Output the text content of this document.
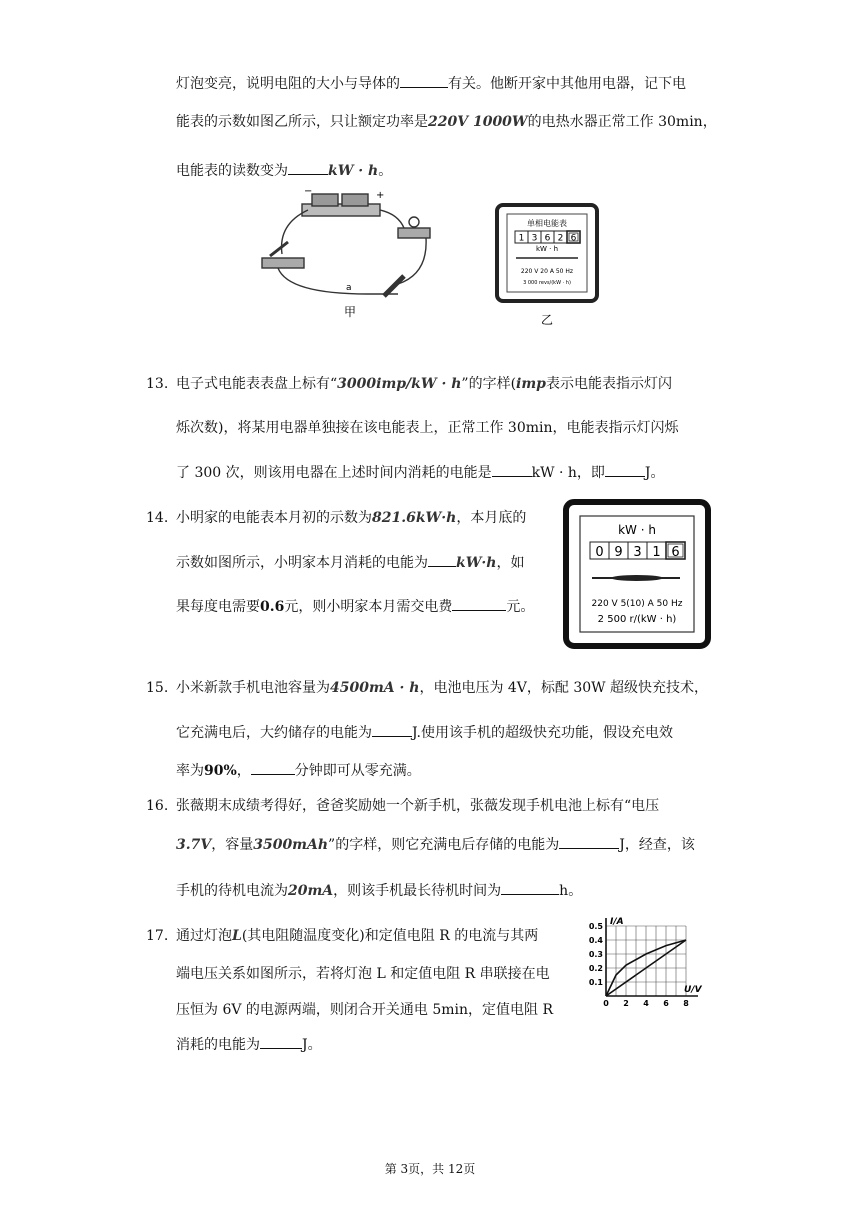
灯泡变亮，说明电阻的大小与导体的	有关。他断开家中其他用电器，记下电
能表的示数如图乙所示，只让额定功率是220V 1000W的电热水器正常工作 30min，
电能表的读数变为	kW · h。
−	+
a
甲
单相电能表
1 3 6 2 6
kW · h
220 V 20 A 50 Hz
3 000 revs/(kW · h)
乙
13. 电子式电能表表盘上标有“3000imp/kW · h”的字样(imp表示电能表指示灯闪
烁次数)，将某用电器单独接在该电能表上，正常工作 30min，电能表指示灯闪烁
了 300 次，则该用电器在上述时间内消耗的电能是	kW · h，即	J。
14. 小明家的电能表本月初的示数为821.6kW·h，本月底的
示数如图所示，小明家本月消耗的电能为 kW·h，如
果每度电需要0.6元，则小明家本月需交电费	元。
kW · h
0 9 3 1 6
220 V 5(10) A 50 Hz
2 500 r/(kW · h)
15. 小米新款手机电池容量为4500mA · h，电池电压为 4V，标配 30W 超级快充技术，
它充满电后，大约储存的电能为	J.使用该手机的超级快充功能，假设充电效
率为90%，	分钟即可从零充满。
16. 张薇期末成绩考得好，爸爸奖励她一个新手机，张薇发现手机电池上标有“电压
3.7V，容量3500mAh”的字样，则它充满电后存储的电能为	J，经查，该
手机的待机电流为20mA，则该手机最长待机时间为	h。
17. 通过灯泡L(其电阻随温度变化)和定值电阻 R 的电流与其两
端电压关系如图所示，若将灯泡 L 和定值电阻 R 串联接在电
压恒为 6V 的电源两端，则闭合开关通电 5min，定值电阻 R
消耗的电能为	J。
0 2 4 6 8
0.1
0.2
0.3
0.4
0.5 I/A
U/V
第 3页，共 12页
